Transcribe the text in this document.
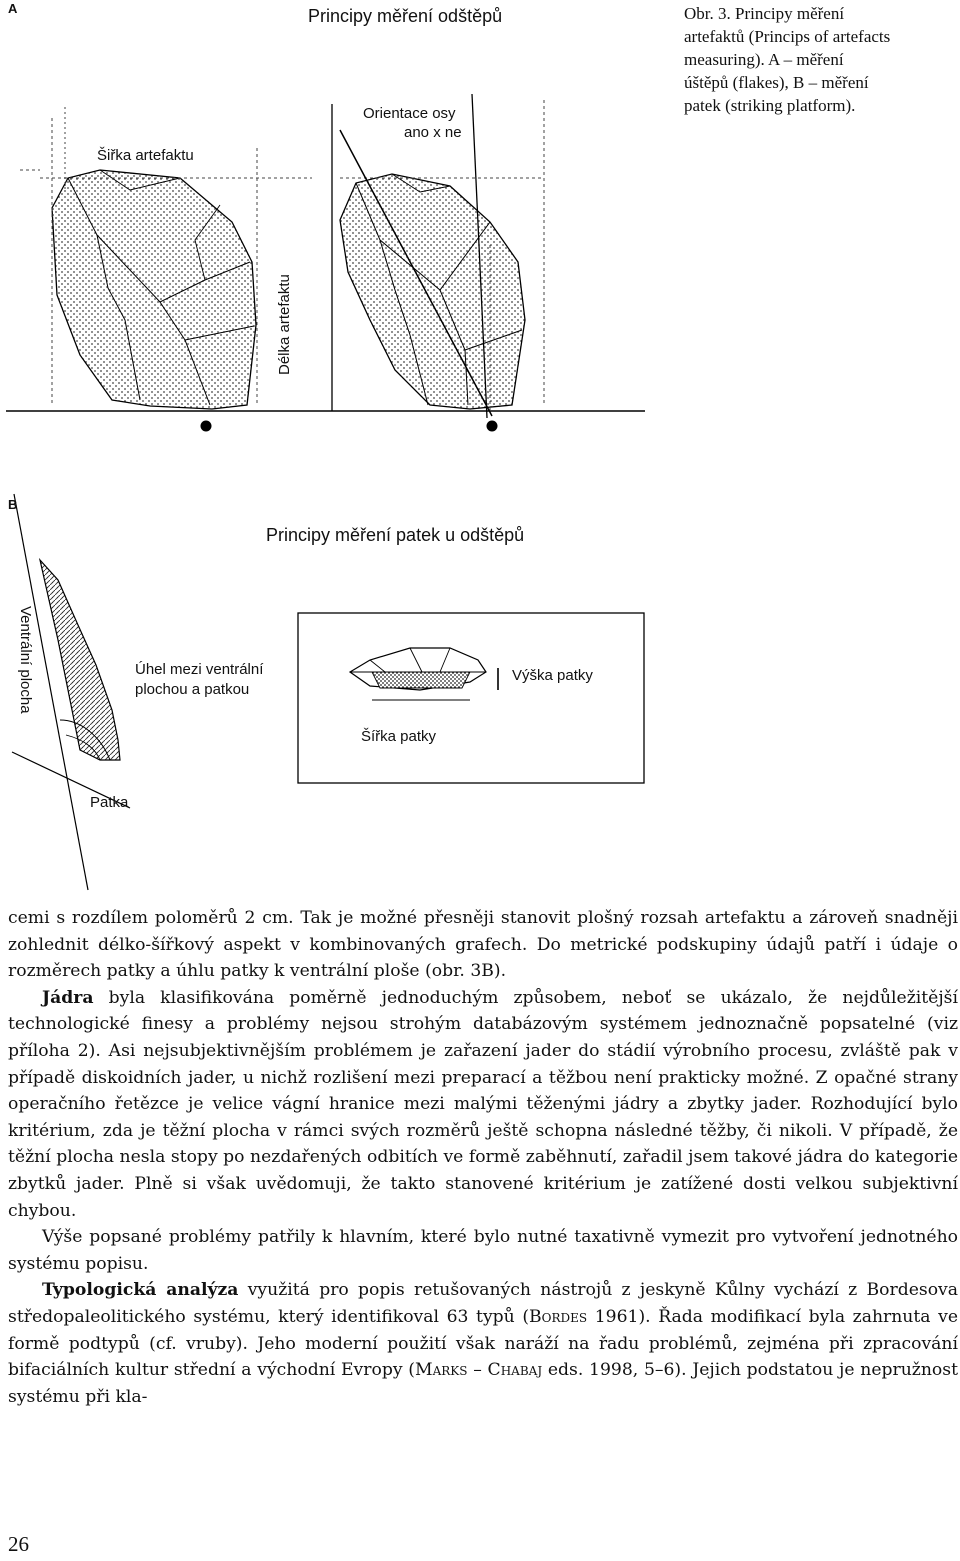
A	Principy měření odštěpů
Šiřka artefaktu
Orientace osy
ano x ne
Délka artefaktu
B
Principy měření patek u odštěpů
Ventrální plocha	Úhel mezi ventrální
plochou a patkou
Patka
Výška patky
Šířka patky
Obr. 3. Principy měření
artefaktů (Princips of artefacts
measuring). A – měření
úštěpů (flakes), B – měření
patek (striking platform).

cemi s rozdílem poloměrů 2 cm. Tak je možné přesněji stanovit plošný rozsah artefaktu a zároveň snadněji zohlednit délko-šířkový aspekt v kombinovaných grafech. Do metrické podskupiny údajů patří i údaje o rozměrech patky a úhlu patky k ventrální ploše (obr. 3B).

Jádra byla klasifikována poměrně jednoduchým způsobem, neboť se ukázalo, že nejdůležitější technologické finesy a problémy nejsou strohým databázovým systémem jednoznačně popsatelné (viz příloha 2). Asi nejsubjektivnějším problémem je zařazení jader do stádií výrobního procesu, zvláště pak v případě diskoidních jader, u nichž rozlišení mezi preparací a těžbou není prakticky možné. Z opačné strany operačního řetězce je velice vágní hranice mezi malými těženými jádry a zbytky jader. Rozhodující bylo kritérium, zda je těžní plocha v rámci svých rozměrů ještě schopna následné těžby, či nikoli. V případě, že těžní plocha nesla stopy po nezdařených odbitích ve formě zaběhnutí, zařadil jsem takové jádra do kategorie zbytků jader. Plně si však uvědomuji, že takto stanovené kritérium je zatížené dosti velkou subjektivní chybou.

Výše popsané problémy patřily k hlavním, které bylo nutné taxativně vymezit pro vytvoření jednotného systému popisu.

Typologická analýza využitá pro popis retušovaných nástrojů z jeskyně Kůlny vychází z Bordesova středopaleolitického systému, který identifikoval 63 typů (Bordes 1961). Řada modifikací byla zahrnuta ve formě podtypů (cf. vruby). Jeho moderní použití však naráží na řadu problémů, zejména při zpracování bifaciálních kultur střední a východní Evropy (Marks – Chabaj eds. 1998, 5–6). Jejich podstatou je nepružnost systému při kla-

26
